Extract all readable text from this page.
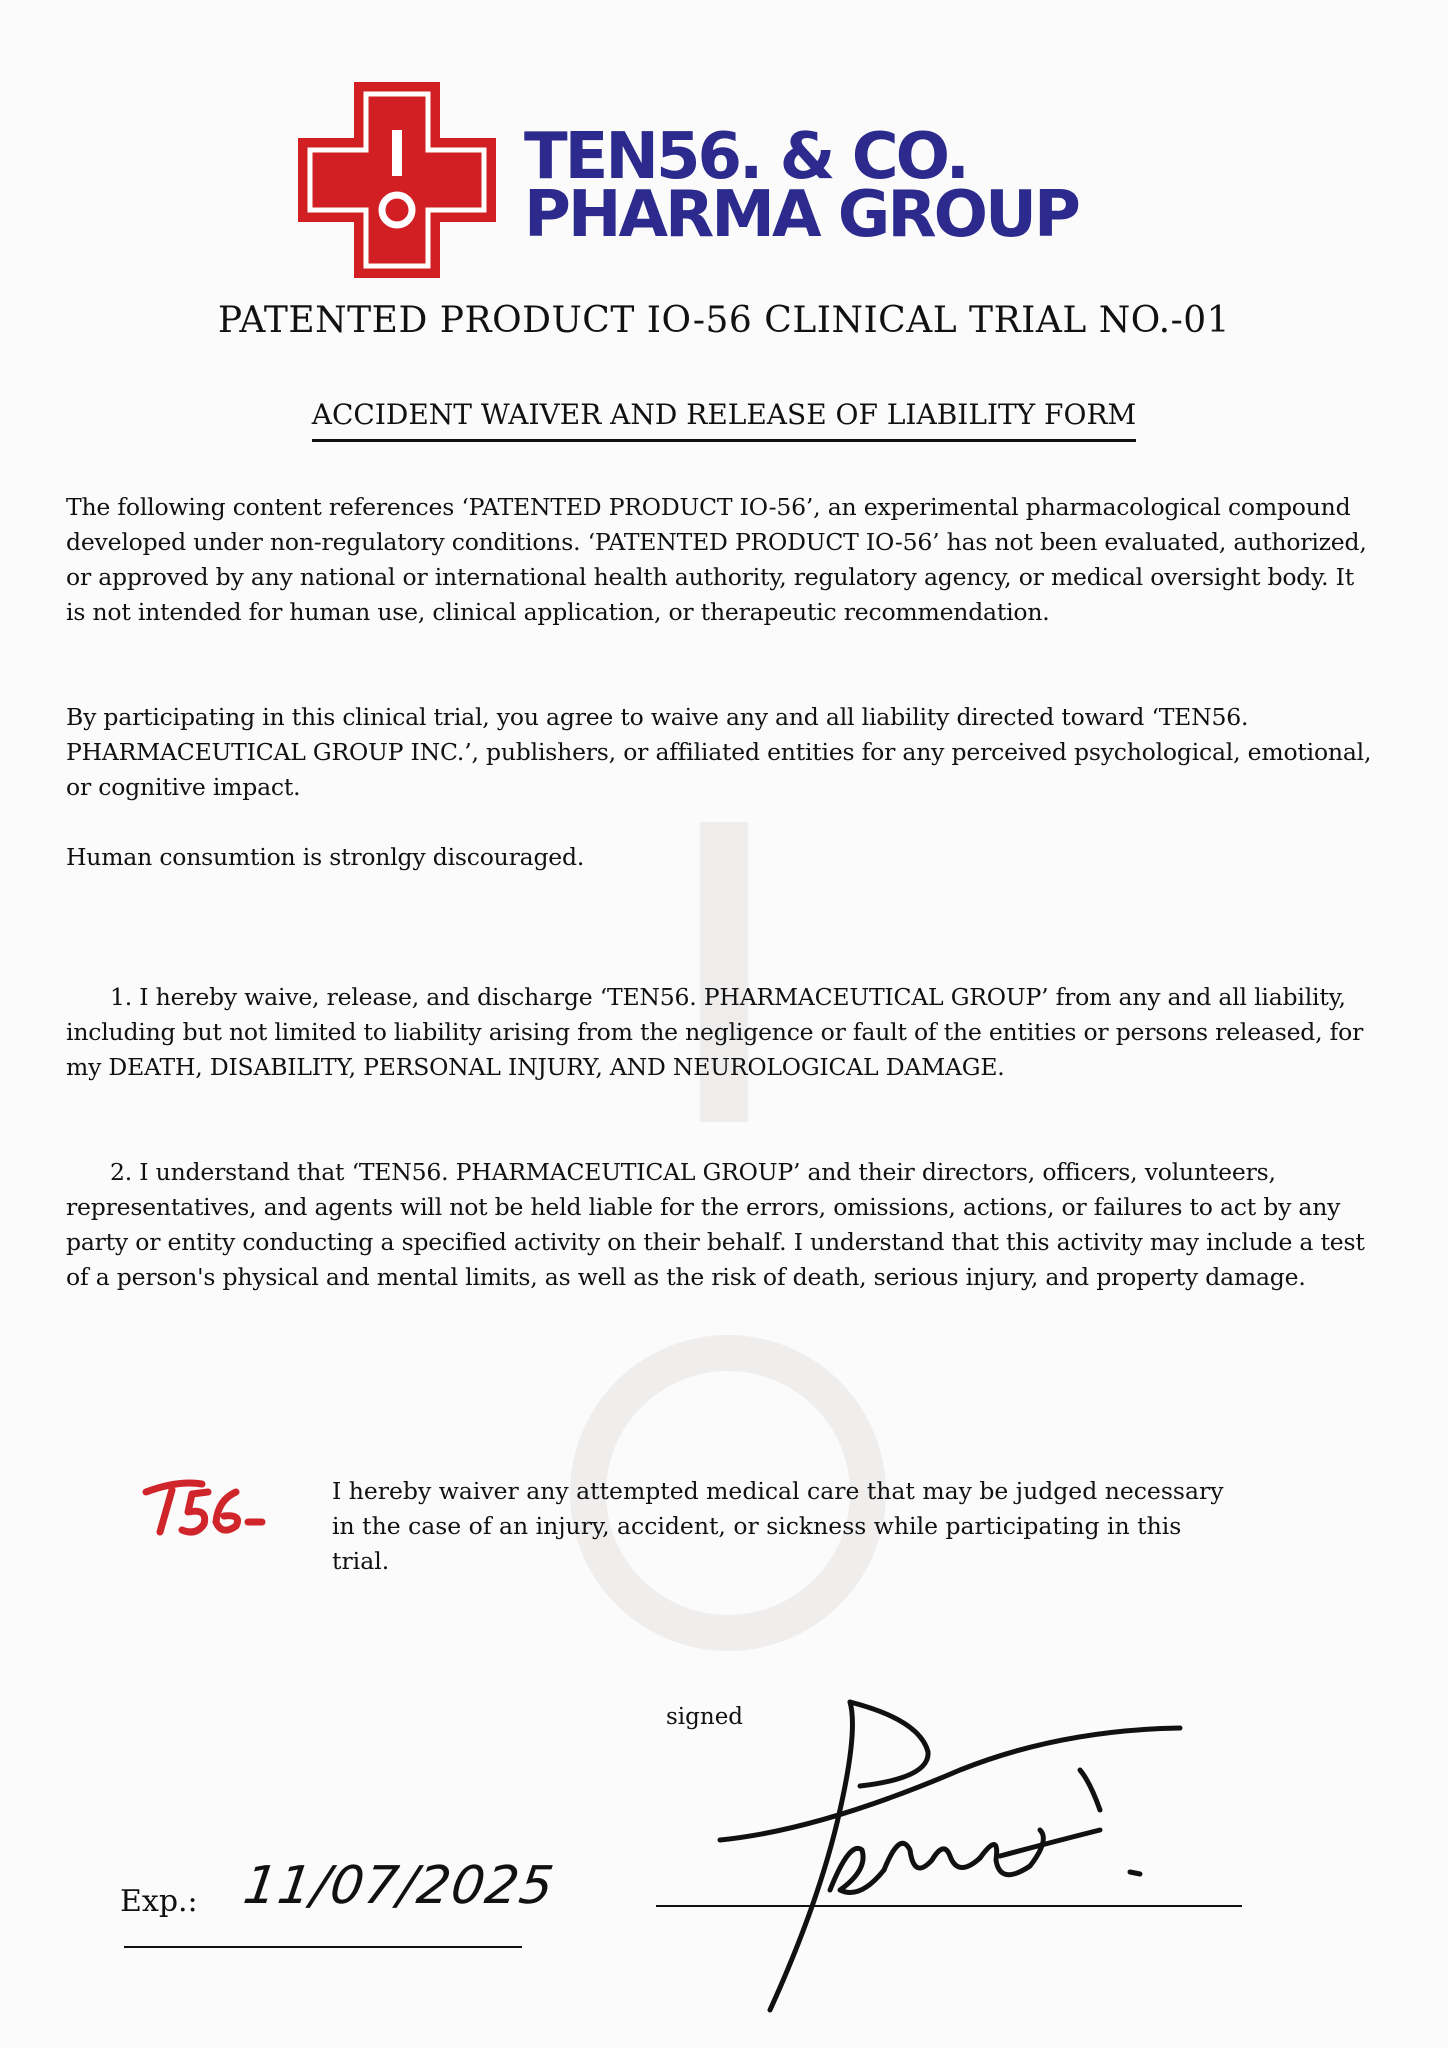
TEN56. & CO.
PHARMA GROUP
PATENTED PRODUCT IO-56 CLINICAL TRIAL NO.-01
ACCIDENT WAIVER AND RELEASE OF LIABILITY FORM

The following content references ‘PATENTED PRODUCT IO-56’, an experimental pharmacological compound developed under non-regulatory conditions. ‘PATENTED PRODUCT IO-56’ has not been evaluated, authorized, or approved by any national or international health authority, regulatory agency, or medical oversight body. It is not intended for human use, clinical application, or therapeutic recommendation.

By participating in this clinical trial, you agree to waive any and all liability directed toward ‘TEN56. PHARMACEUTICAL GROUP INC.’, publishers, or affiliated entities for any perceived psychological, emotional, or cognitive impact.

Human consumtion is stronlgy discouraged.

1. I hereby waive, release, and discharge ‘TEN56. PHARMACEUTICAL GROUP’ from any and all liability, including but not limited to liability arising from the negligence or fault of the entities or persons released, for my DEATH, DISABILITY, PERSONAL INJURY, AND NEUROLOGICAL DAMAGE.

2. I understand that ‘TEN56. PHARMACEUTICAL GROUP’ and their directors, officers, volunteers, representatives, and agents will not be held liable for the errors, omissions, actions, or failures to act by any party or entity conducting a specified activity on their behalf. I understand that this activity may include a test of a person's physical and mental limits, as well as the risk of death, serious injury, and property damage.

I hereby waiver any attempted medical care that may be judged necessary in the case of an injury, accident, or sickness while participating in this trial.
signed
Exp.: 11/07/2025
